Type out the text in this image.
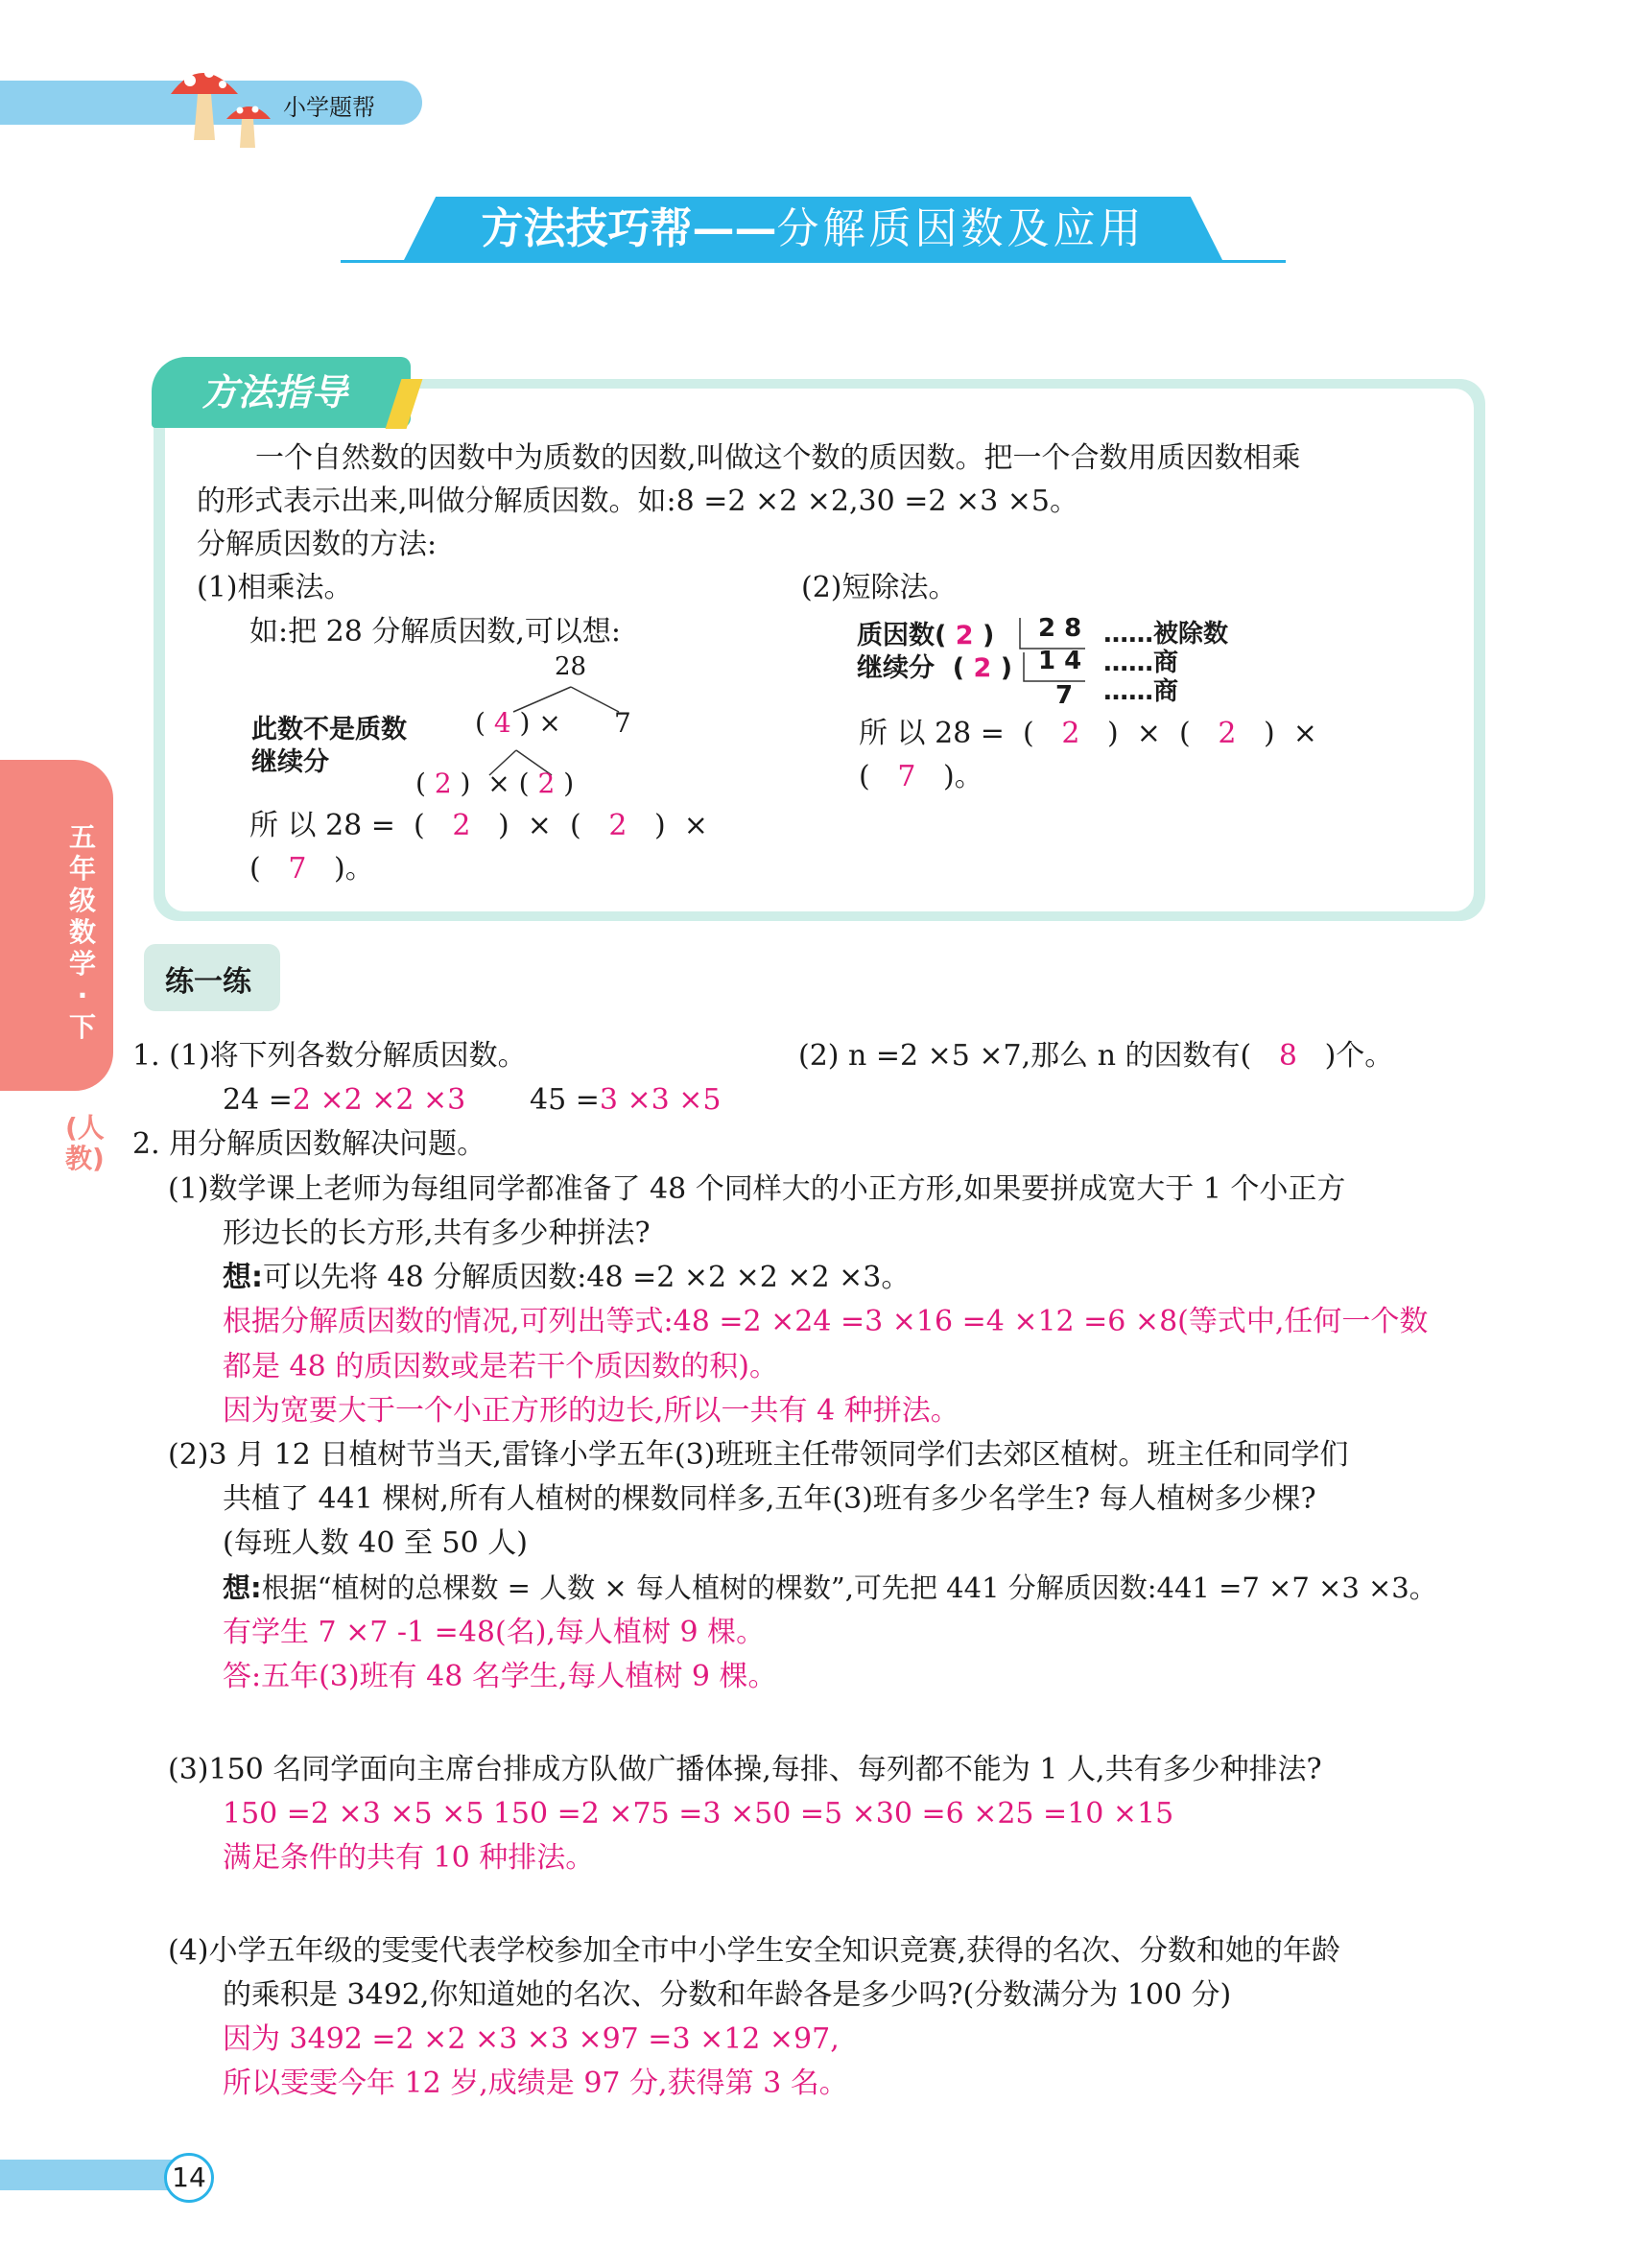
小学题帮
方法技巧帮——分解质因数及应用
方法指导
一个自然数的因数中为质数的因数,叫做这个数的质因数。把一个合数用质因数相乘
的形式表示出来,叫做分解质因数。如:8 =2 ×2 ×2,30 =2 ×3 ×5。
分解质因数的方法:
(1)相乘法。
如:把 28 分解质因数,可以想:
28
此数不是质数
继续分
( 4 ) × 7
( 2 )  × ( 2 )
所 以 28 =  (   2   )  ×  (   2   )  ×
(   7   )。
(2)短除法。
质因数( 2 )
继续分  ( 2 )
2 8
1 4
7
……被除数
……商
……商
所 以 28 =  (   2   )  ×  (   2   )  ×
(   7   )。
五年级数学·下
(人教)
练一练
1. (1)将下列各数分解质因数。	(2) n =2 ×5 ×7,那么 n 的因数有( 8 )个。
24 =2 ×2 ×2 ×3 45 =3 ×3 ×5
2. 用分解质因数解决问题。
(1)数学课上老师为每组同学都准备了 48 个同样大的小正方形,如果要拼成宽大于 1 个小正方
形边长的长方形,共有多少种拼法?
想:可以先将 48 分解质因数:48 =2 ×2 ×2 ×2 ×3。
根据分解质因数的情况,可列出等式:48 =2 ×24 =3 ×16 =4 ×12 =6 ×8(等式中,任何一个数
都是 48 的质因数或是若干个质因数的积)。
因为宽要大于一个小正方形的边长,所以一共有 4 种拼法。
(2)3 月 12 日植树节当天,雷锋小学五年(3)班班主任带领同学们去郊区植树。班主任和同学们
共植了 441 棵树,所有人植树的棵数同样多,五年(3)班有多少名学生? 每人植树多少棵?
(每班人数 40 至 50 人)
想:根据“植树的总棵数 = 人数 × 每人植树的棵数”,可先把 441 分解质因数:441 =7 ×7 ×3 ×3。
有学生 7 ×7 -1 =48(名),每人植树 9 棵。
答:五年(3)班有 48 名学生,每人植树 9 棵。
(3)150 名同学面向主席台排成方队做广播体操,每排、每列都不能为 1 人,共有多少种排法?
150 =2 ×3 ×5 ×5 150 =2 ×75 =3 ×50 =5 ×30 =6 ×25 =10 ×15
满足条件的共有 10 种排法。
(4)小学五年级的雯雯代表学校参加全市中小学生安全知识竞赛,获得的名次、分数和她的年龄
的乘积是 3492,你知道她的名次、分数和年龄各是多少吗?(分数满分为 100 分)
因为 3492 =2 ×2 ×3 ×3 ×97 =3 ×12 ×97,
所以雯雯今年 12 岁,成绩是 97 分,获得第 3 名。
14
